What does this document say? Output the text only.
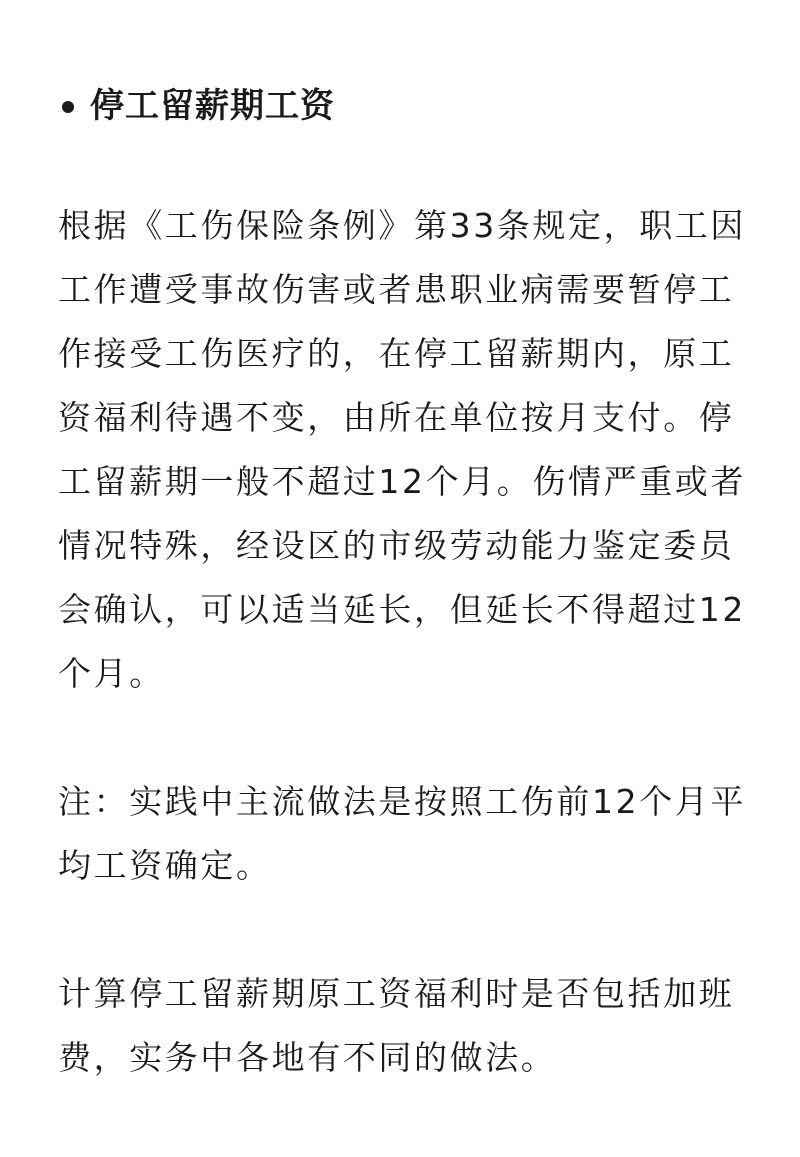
停工留薪期工资

根据《工伤保险条例》第33条规定，职工因
工作遭受事故伤害或者患职业病需要暂停工
作接受工伤医疗的，在停工留薪期内，原工
资福利待遇不变，由所在单位按月支付。停
工留薪期一般不超过12个月。伤情严重或者
情况特殊，经设区的市级劳动能力鉴定委员
会确认，可以适当延长，但延长不得超过12
个月。

注：实践中主流做法是按照工伤前12个月平
均工资确定。

计算停工留薪期原工资福利时是否包括加班
费，实务中各地有不同的做法。
